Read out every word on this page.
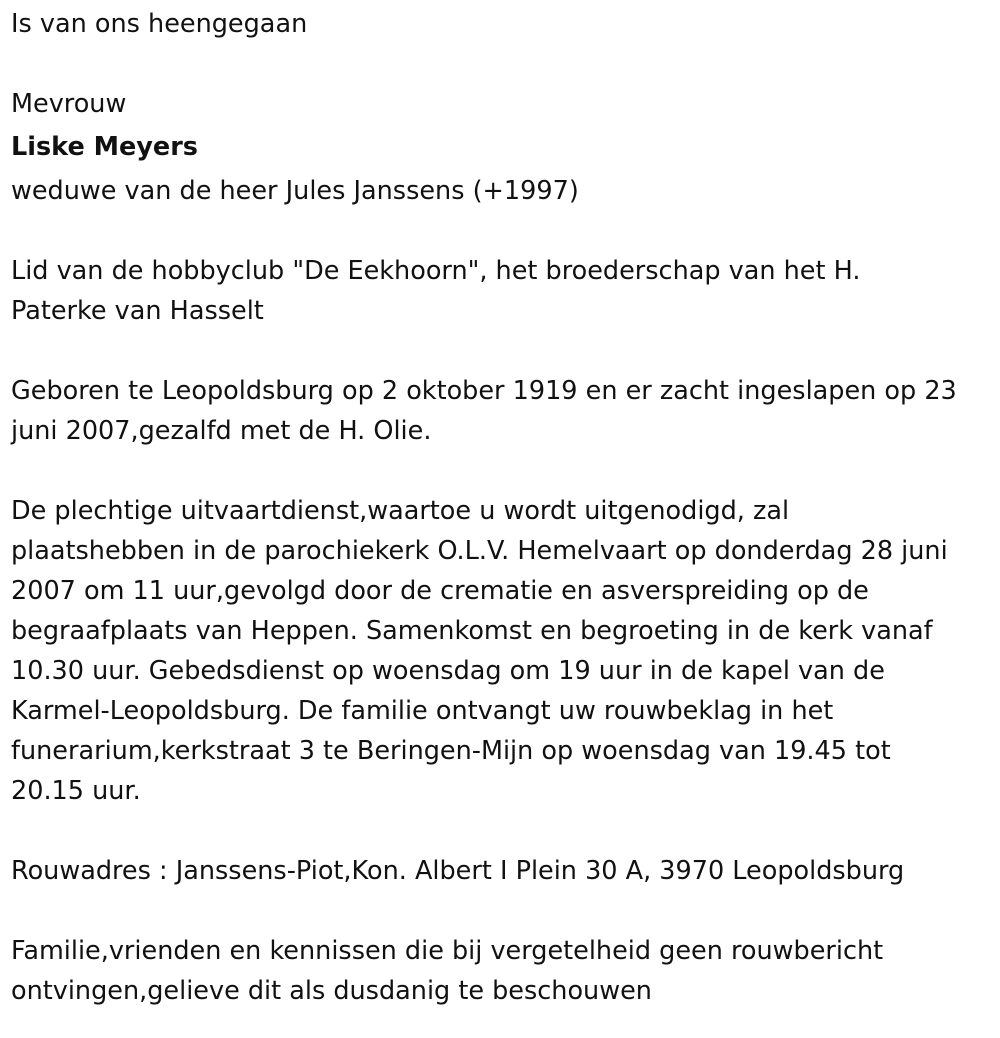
Is van ons heengegaan

Mevrouw

Liske Meyers

weduwe van de heer Jules Janssens (+1997)

Lid van de hobbyclub "De Eekhoorn", het broederschap van het H.

Paterke van Hasselt

Geboren te Leopoldsburg op 2 oktober 1919 en er zacht ingeslapen op 23

juni 2007,gezalfd met de H. Olie.

De plechtige uitvaartdienst,waartoe u wordt uitgenodigd, zal

plaatshebben in de parochiekerk O.L.V. Hemelvaart op donderdag 28 juni

2007 om 11 uur,gevolgd door de crematie en asverspreiding op de

begraafplaats van Heppen. Samenkomst en begroeting in de kerk vanaf

10.30 uur. Gebedsdienst op woensdag om 19 uur in de kapel van de

Karmel-Leopoldsburg. De familie ontvangt uw rouwbeklag in het

funerarium,kerkstraat 3 te Beringen-Mijn op woensdag van 19.45 tot

20.15 uur.

Rouwadres : Janssens-Piot,Kon. Albert I Plein 30 A, 3970 Leopoldsburg

Familie,vrienden en kennissen die bij vergetelheid geen rouwbericht

ontvingen,gelieve dit als dusdanig te beschouwen
